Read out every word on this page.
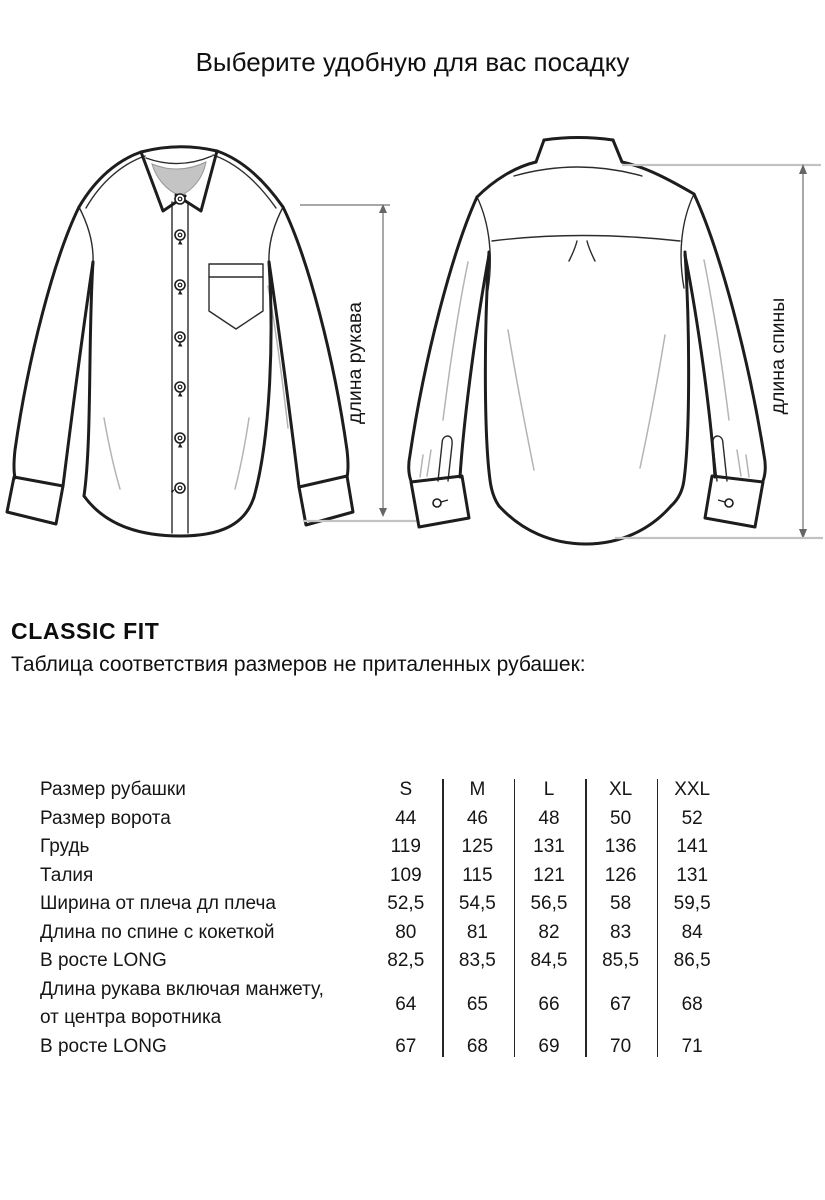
Выберите удобную для вас посадку
длина рукава	длина спины
CLASSIC FIT
Таблица соответствия размеров не приталенных рубашек:
Размер рубашки	S	M	L	XL	XXL
Размер ворота	44	46	48	50	52
Грудь	119	125	131	136	141
Талия	109	115	121	126	131
Ширина от плеча дл плеча	52,5	54,5	56,5	58	59,5
Длина по спине с кокеткой	80	81	82	83	84
В росте LONG	82,5	83,5	84,5	85,5	86,5
Длина рукава включая манжету,
от центра воротника
64	65	66	67	68
В росте LONG	67	68	69	70	71
